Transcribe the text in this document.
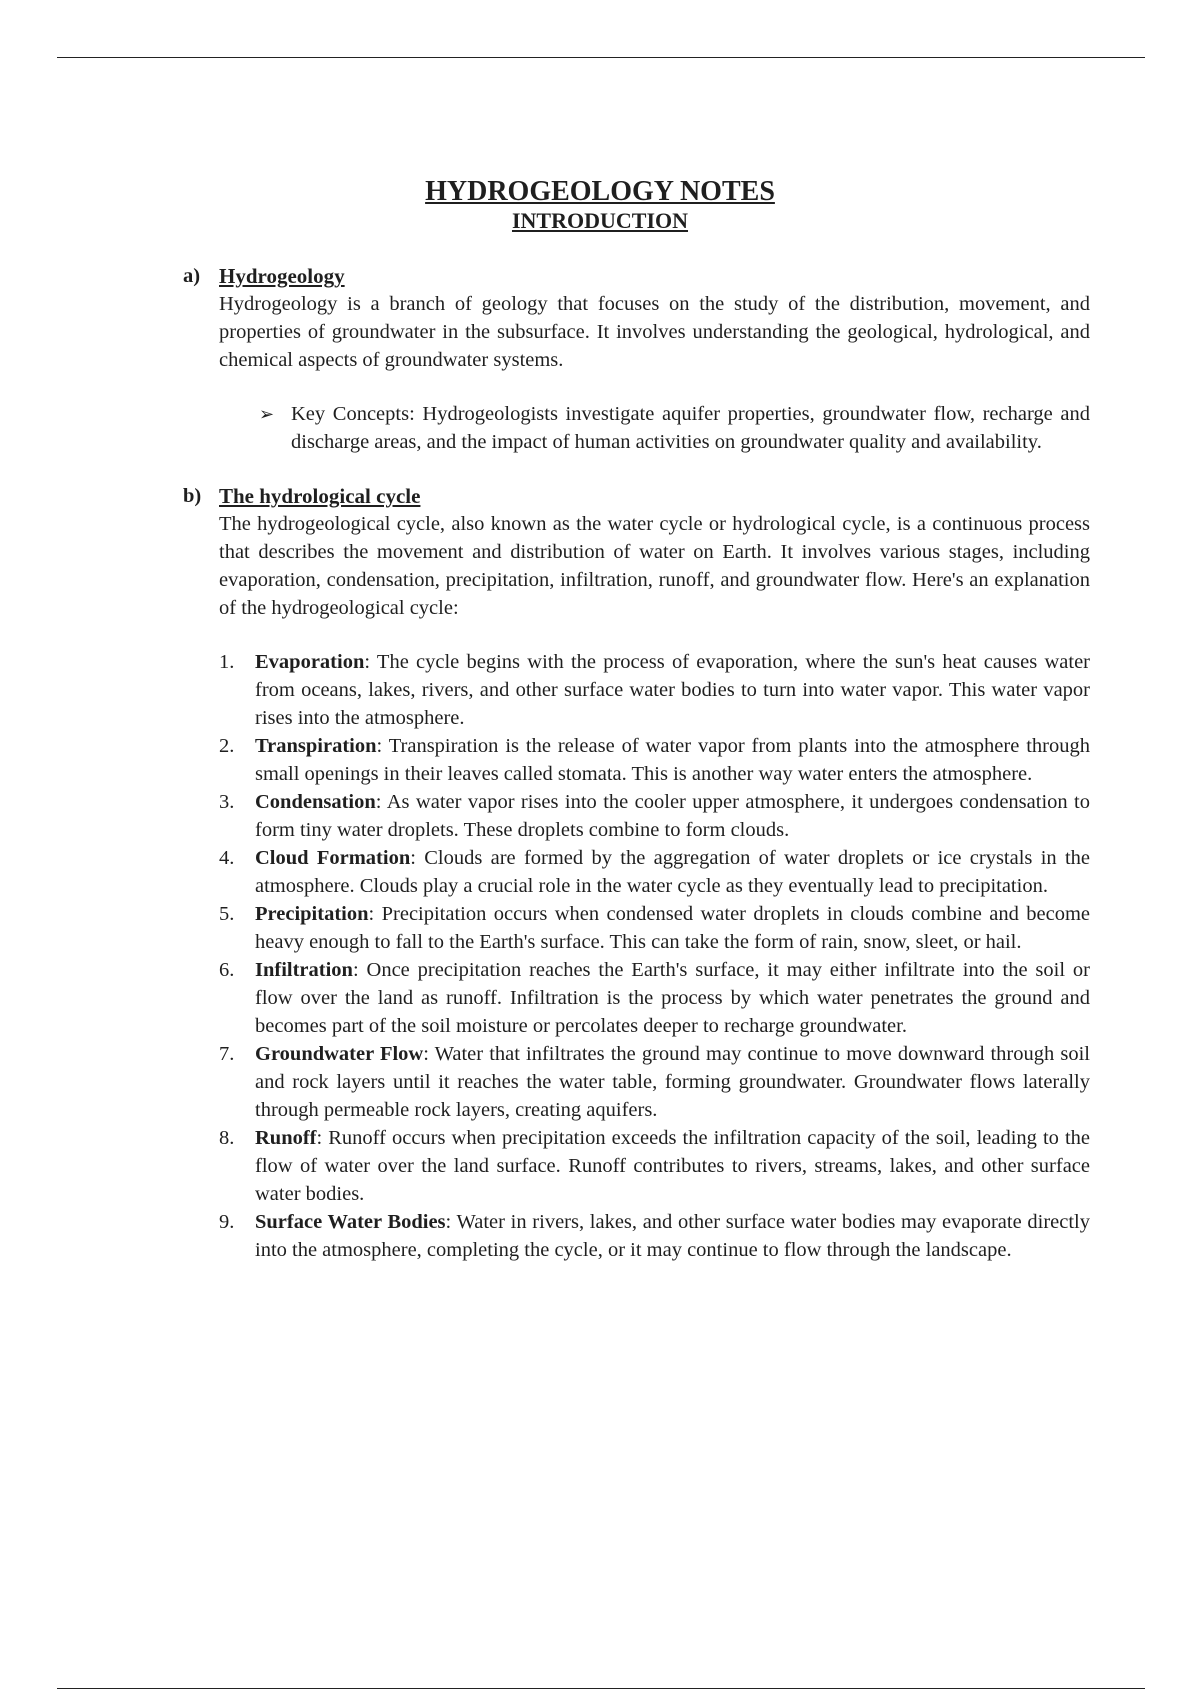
HYDROGEOLOGY NOTES
INTRODUCTION
a) Hydrogeology

Hydrogeology is a branch of geology that focuses on the study of the distribution, movement, and properties of groundwater in the subsurface. It involves understanding the geological, hydrological, and chemical aspects of groundwater systems.

➢ Key Concepts: Hydrogeologists investigate aquifer properties, groundwater flow, recharge and discharge areas, and the impact of human activities on groundwater quality and availability.
b) The hydrological cycle

The hydrogeological cycle, also known as the water cycle or hydrological cycle, is a continuous process that describes the movement and distribution of water on Earth. It involves various stages, including evaporation, condensation, precipitation, infiltration, runoff, and groundwater flow. Here's an explanation of the hydrogeological cycle:

1. Evaporation: The cycle begins with the process of evaporation, where the sun's heat causes water from oceans, lakes, rivers, and other surface water bodies to turn into water vapor. This water vapor rises into the atmosphere.
2. Transpiration: Transpiration is the release of water vapor from plants into the atmosphere through small openings in their leaves called stomata. This is another way water enters the atmosphere.
3. Condensation: As water vapor rises into the cooler upper atmosphere, it undergoes condensation to form tiny water droplets. These droplets combine to form clouds.
4. Cloud Formation: Clouds are formed by the aggregation of water droplets or ice crystals in the atmosphere. Clouds play a crucial role in the water cycle as they eventually lead to precipitation.
5. Precipitation: Precipitation occurs when condensed water droplets in clouds combine and become heavy enough to fall to the Earth's surface. This can take the form of rain, snow, sleet, or hail.
6. Infiltration: Once precipitation reaches the Earth's surface, it may either infiltrate into the soil or flow over the land as runoff. Infiltration is the process by which water penetrates the ground and becomes part of the soil moisture or percolates deeper to recharge groundwater.
7. Groundwater Flow: Water that infiltrates the ground may continue to move downward through soil and rock layers until it reaches the water table, forming groundwater. Groundwater flows laterally through permeable rock layers, creating aquifers.
8. Runoff: Runoff occurs when precipitation exceeds the infiltration capacity of the soil, leading to the flow of water over the land surface. Runoff contributes to rivers, streams, lakes, and other surface water bodies.
9. Surface Water Bodies: Water in rivers, lakes, and other surface water bodies may evaporate directly into the atmosphere, completing the cycle, or it may continue to flow through the landscape.
